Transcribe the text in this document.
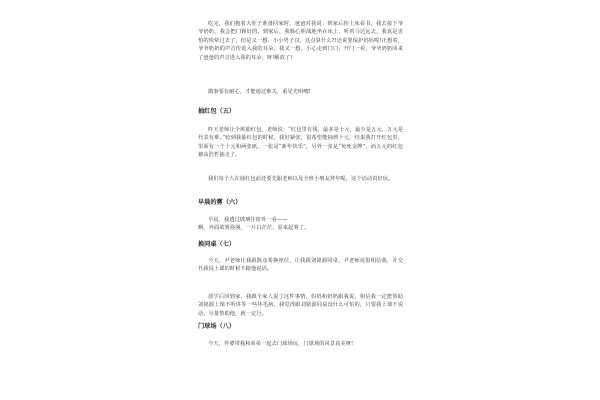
吃完，我们抱着大肚子准备回家时，爸爸对我说：到家后你上床看书，我去接下爷爷奶奶，我会把门锁好的。到家后，我躲心胆战地坐在床上，听着马达远去，我真是害怕的快晕过去了，但是又一想，小小男子汉，这点算什么?!还说要保护妈妈呢!正想着，爷爷奶奶的声音传进入我的耳朵，我又一想，小心走到门口，开门一看，爷爷奶奶回来了爸爸的声音进入我的耳朵，呀!解放了!

做事要有耐心，才能通过难关，重见光明噢!

抽红包（五）

昨天老师让全班抽红包，老师说：“红包里有钱，最多是十元，最少是五元，五元是代表有难。”轮到我抽红包的时候，我好紧张，很希望能抽到十元，结果我打开红包里，里面有一个十元和两张纸，一张是“新年快乐”，另外一张是“免死金牌”，而五元的红包被高浩哲抽走了。

我们每个人在抽红包前还要先跟老师以及全班小朋友拜年呢，这个活动真好玩。

早晨的雾（六）

早晨，我透过玻璃往窗外一看——

啊，外面浓雾弥漫，一片白茫茫，原来起雾了。

换同桌（七）

今天，尹老师让我跟陈彦希换座位，让我跟刘铭源同桌，尹老师说很相信我，并交代我说上课的时候不跟他说话。

放学后回到家，我跟全家人说了这件事情，妈妈和奶奶跟我说，相信我一定能帮助刘铭源上课不听讲等一些坏毛病，我觉得跟刘铭源同桌没什么可怕的，只要我上课不说话，尽量帮助他，就一定行。

门球场（八）

今天，外婆带我和弟弟一起去门球场玩，门球场的风景真美呀!
